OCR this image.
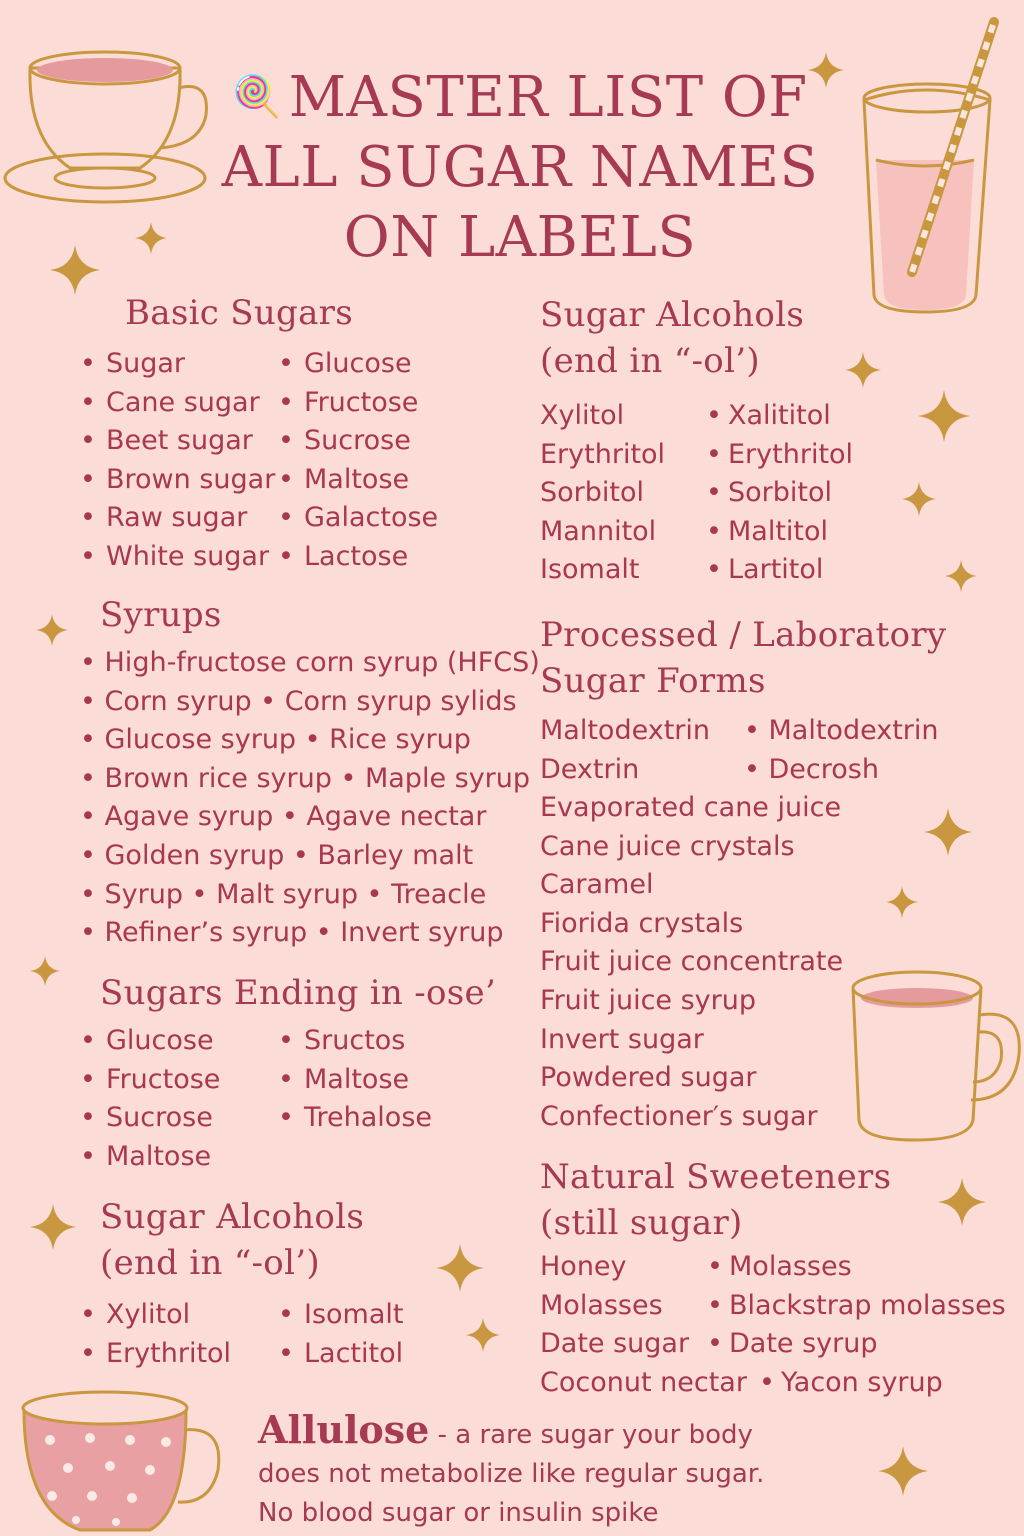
🍭 MASTER LIST OF
ALL SUGAR NAMES
ON LABELS
Basic Sugars
• Sugar
• Cane sugar
• Beet sugar
• Brown sugar
• Raw sugar
• White sugar
• Glucose
• Fructose
• Sucrose
• Maltose
• Galactose
• Lactose
Syrups
• High-fructose corn syrup (HFCS)
• Corn syrup • Corn syrup sylids
• Glucose syrup • Rice syrup
• Brown rice syrup • Maple syrup
• Agave syrup • Agave nectar
• Golden syrup • Barley malt
• Syrup • Malt syrup • Treacle
• Refiner’s syrup • Invert syrup
Sugars Ending in -ose’
• Glucose
• Fructose
• Sucrose
• Maltose
• Sructos
• Maltose
• Trehalose
Sugar Alcohols
(end in “-ol’)
• Xylitol
• Erythritol
• Isomalt
• Lactitol
Sugar Alcohols
(end in “-ol’)
Xylitol
Erythritol
Sorbitol
Mannitol
Isomalt
• Xalititol
• Erythritol
• Sorbitol
• Maltitol
• Lartitol
Processed / Laboratory
Sugar Forms
Maltodextrin • Maltodextrin
Dextrin	• Decrosh
Evaporated cane juice
Cane juice crystals
Caramel
Fiorida crystals
Fruit juice concentrate
Fruit juice syrup
Invert sugar
Powdered sugar
Confectioner′s sugar
Natural Sweeteners
(still sugar)
Honey
Molasses
Date sugar
Coconut nectar
• Molasses
• Blackstrap molasses
• Date syrup
• Yacon syrup
Allulose - a rare sugar your body
does not metabolize like regular sugar.
No blood sugar or insulin spike
